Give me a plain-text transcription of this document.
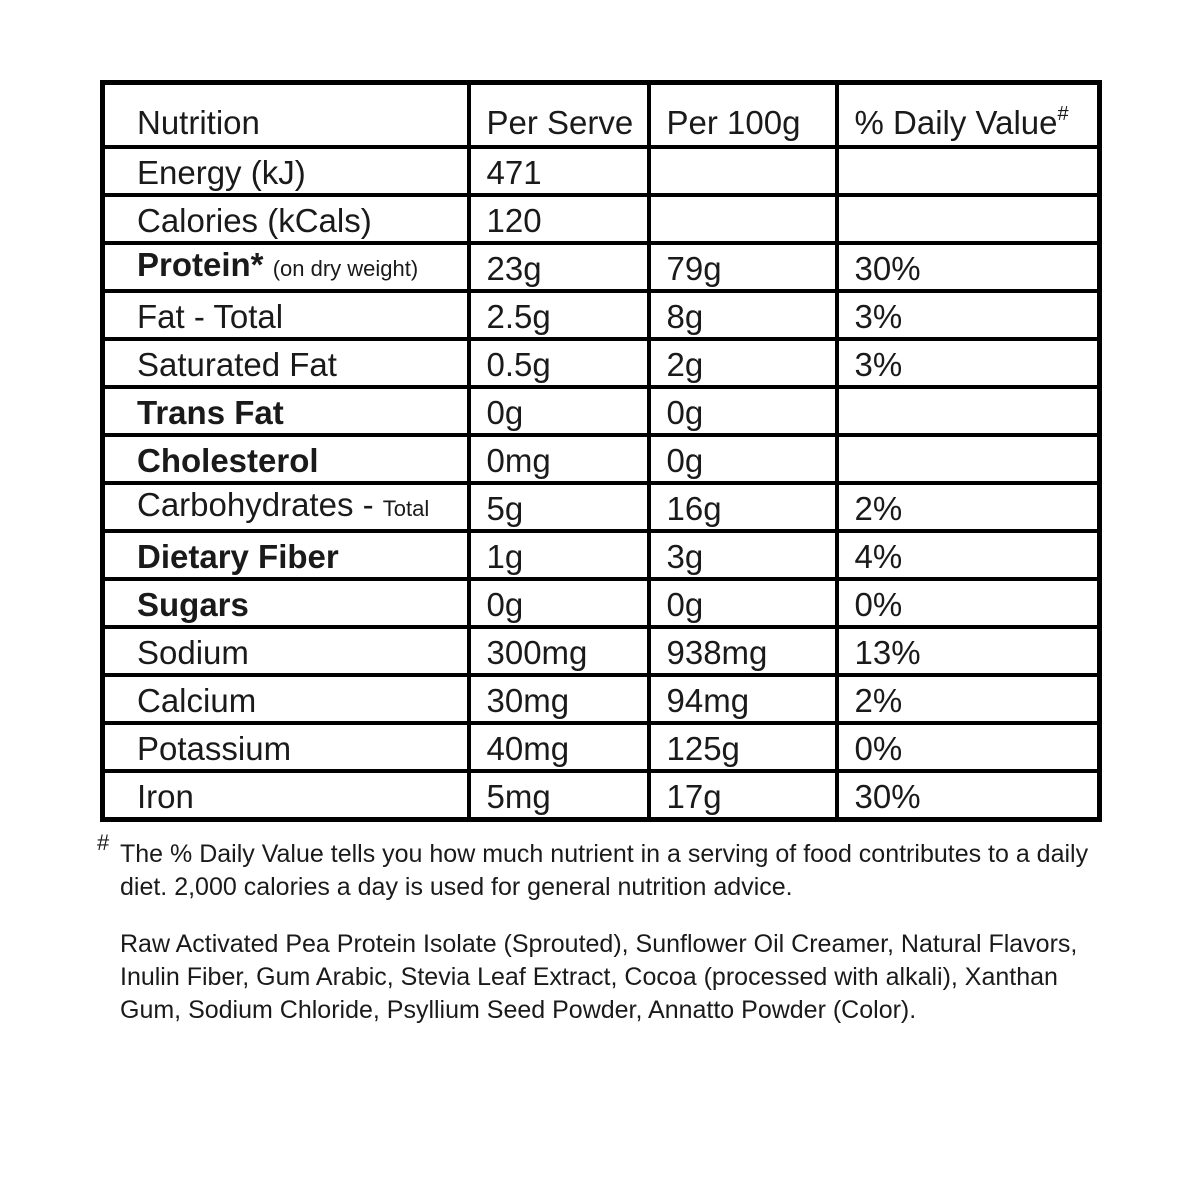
Nutrition	Per Serve	Per 100g	% Daily Value#
Energy (kJ)	471		
Calories (kCals)	120		
Protein* (on dry weight)	23g	79g	30%
Fat - Total	2.5g	8g	3%
Saturated Fat	0.5g	2g	3%
Trans Fat	0g	0g	
Cholesterol	0mg	0g	
Carbohydrates - Total	5g	16g	2%
Dietary Fiber	1g	3g	4%
Sugars	0g	0g	0%
Sodium	300mg	938mg	13%
Calcium	30mg	94mg	2%
Potassium	40mg	125g	0%
Iron	5mg	17g	30%
# The % Daily Value tells you how much nutrient in a serving of food contributes to a daily diet. 2,000 calories a day is used for general nutrition advice.
Raw Activated Pea Protein Isolate (Sprouted), Sunflower Oil Creamer, Natural Flavors, Inulin Fiber, Gum Arabic, Stevia Leaf Extract, Cocoa (processed with alkali), Xanthan Gum, Sodium Chloride, Psyllium Seed Powder, Annatto Powder (Color).
